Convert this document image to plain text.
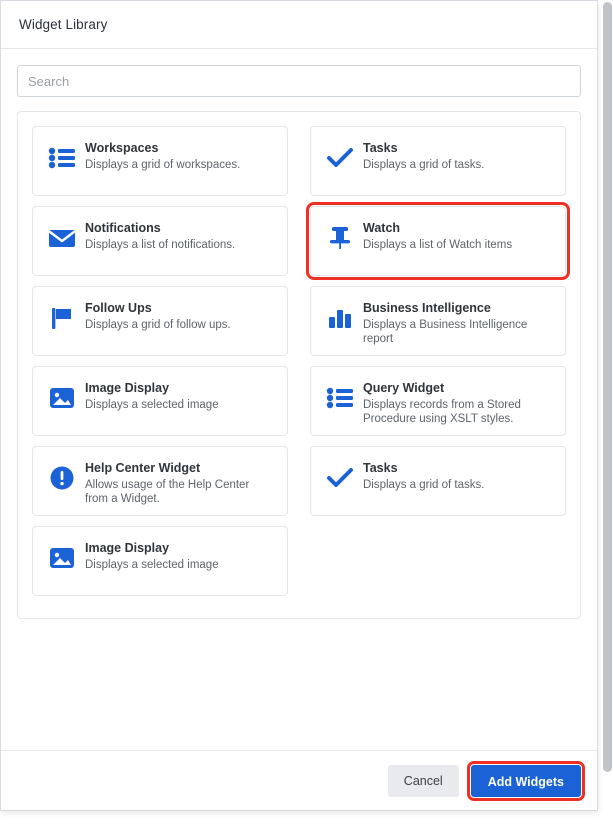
Widget Library
Search
Workspaces
Displays a grid of workspaces.
Notifications
Displays a list of notifications.
Follow Ups
Displays a grid of follow ups.
Image Display
Displays a selected image
Help Center Widget
Allows usage of the Help Center from a Widget.
Image Display
Displays a selected image
Tasks
Displays a grid of tasks.
Watch
Displays a list of Watch items
Business Intelligence
Displays a Business Intelligence report
Query Widget
Displays records from a Stored Procedure using XSLT styles.
Tasks
Displays a grid of tasks.
Cancel	Add Widgets
